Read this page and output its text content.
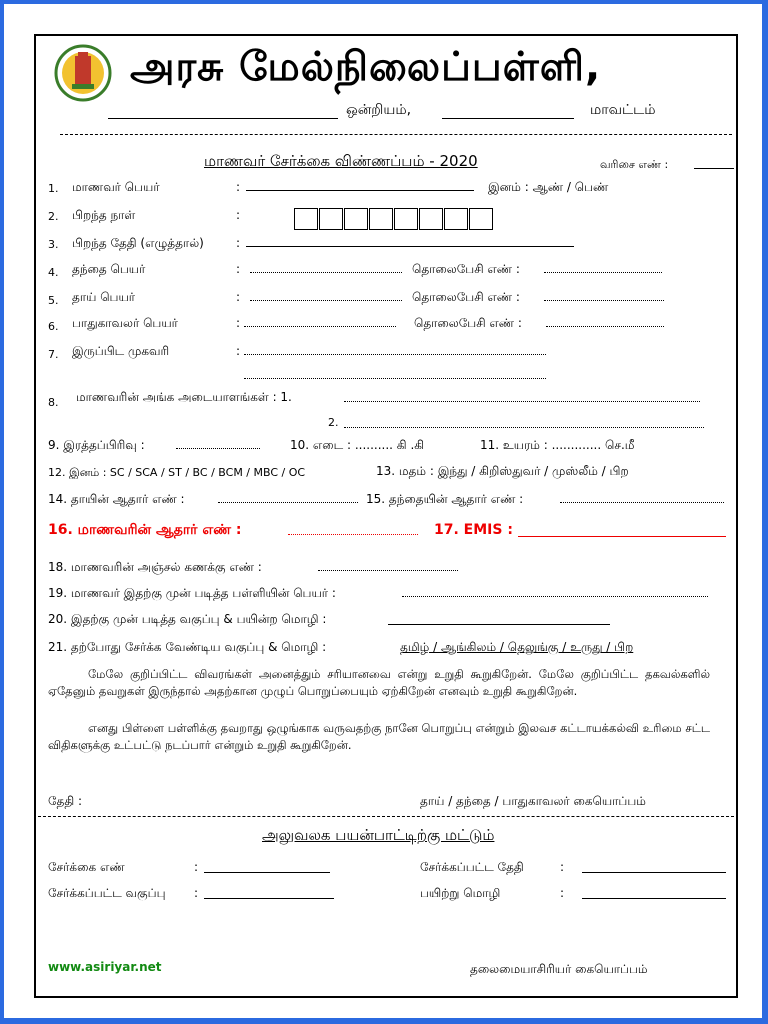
அரசு மேல்நிலைப்பள்ளி,
ஒன்றியம்,	மாவட்டம்
மாணவர் சேர்க்கை விண்ணப்பம் - 2020	வரிசை எண் :
1. மாணவர் பெயர்	:	இனம் : ஆண் / பெண்
2. பிறந்த நாள்	:
3. பிறந்த தேதி (எழுத்தால்)	:
4. தந்தை பெயர்	:	தொலைபேசி எண் :
5. தாய் பெயர்	:	தொலைபேசி எண் :
6. பாதுகாவலர் பெயர்	:	தொலைபேசி எண் :
7. இருப்பிட முகவரி	:
8. மாணவரின் அங்க அடையாளங்கள் : 1.
2.
9. இரத்தப்பிரிவு :	10. எடை : .......... கி .கி	11. உயரம் : ............. செ.மீ
12. இனம் : SC / SCA / ST / BC / BCM / MBC / OC	13. மதம் : இந்து / கிறிஸ்துவர் / முஸ்லீம் / பிற
14. தாயின் ஆதார் எண் :	15. தந்தையின் ஆதார் எண் :
16. மாணவரின் ஆதார் எண் :	17. EMIS :
18. மாணவரின் அஞ்சல் கணக்கு எண் :
19. மாணவர் இதற்கு முன் படித்த பள்ளியின் பெயர் :
20. இதற்கு முன் படித்த வகுப்பு & பயின்ற மொழி :
21. தற்போது சேர்க்க வேண்டிய வகுப்பு & மொழி :	தமிழ் / ஆங்கிலம் / தெலுங்கு / உருது / பிற
மேலே குறிப்பிட்ட விவரங்கள் அனைத்தும் சரியானவை என்று உறுதி கூறுகிறேன். மேலே குறிப்பிட்ட தகவல்களில் ஏதேனும் தவறுகள் இருந்தால் அதற்கான முழுப் பொறுப்பையும் ஏற்கிறேன் எனவும் உறுதி கூறுகிறேன்.
எனது பிள்ளை பள்ளிக்கு தவறாது ஒழுங்காக வருவதற்கு நானே பொறுப்பு என்றும் இலவச கட்டாயக்கல்வி உரிமை சட்ட விதிகளுக்கு உட்பட்டு நடப்பார் என்றும் உறுதி கூறுகிறேன்.
தேதி :	தாய் / தந்தை / பாதுகாவலர் கையொப்பம்
அலுவலக பயன்பாட்டிற்கு மட்டும்
சேர்க்கை எண்	:	சேர்க்கப்பட்ட தேதி	:
சேர்க்கப்பட்ட வகுப்பு :	பயிற்று மொழி	:
www.asiriyar.net	தலைமையாசிரியர் கையொப்பம்
